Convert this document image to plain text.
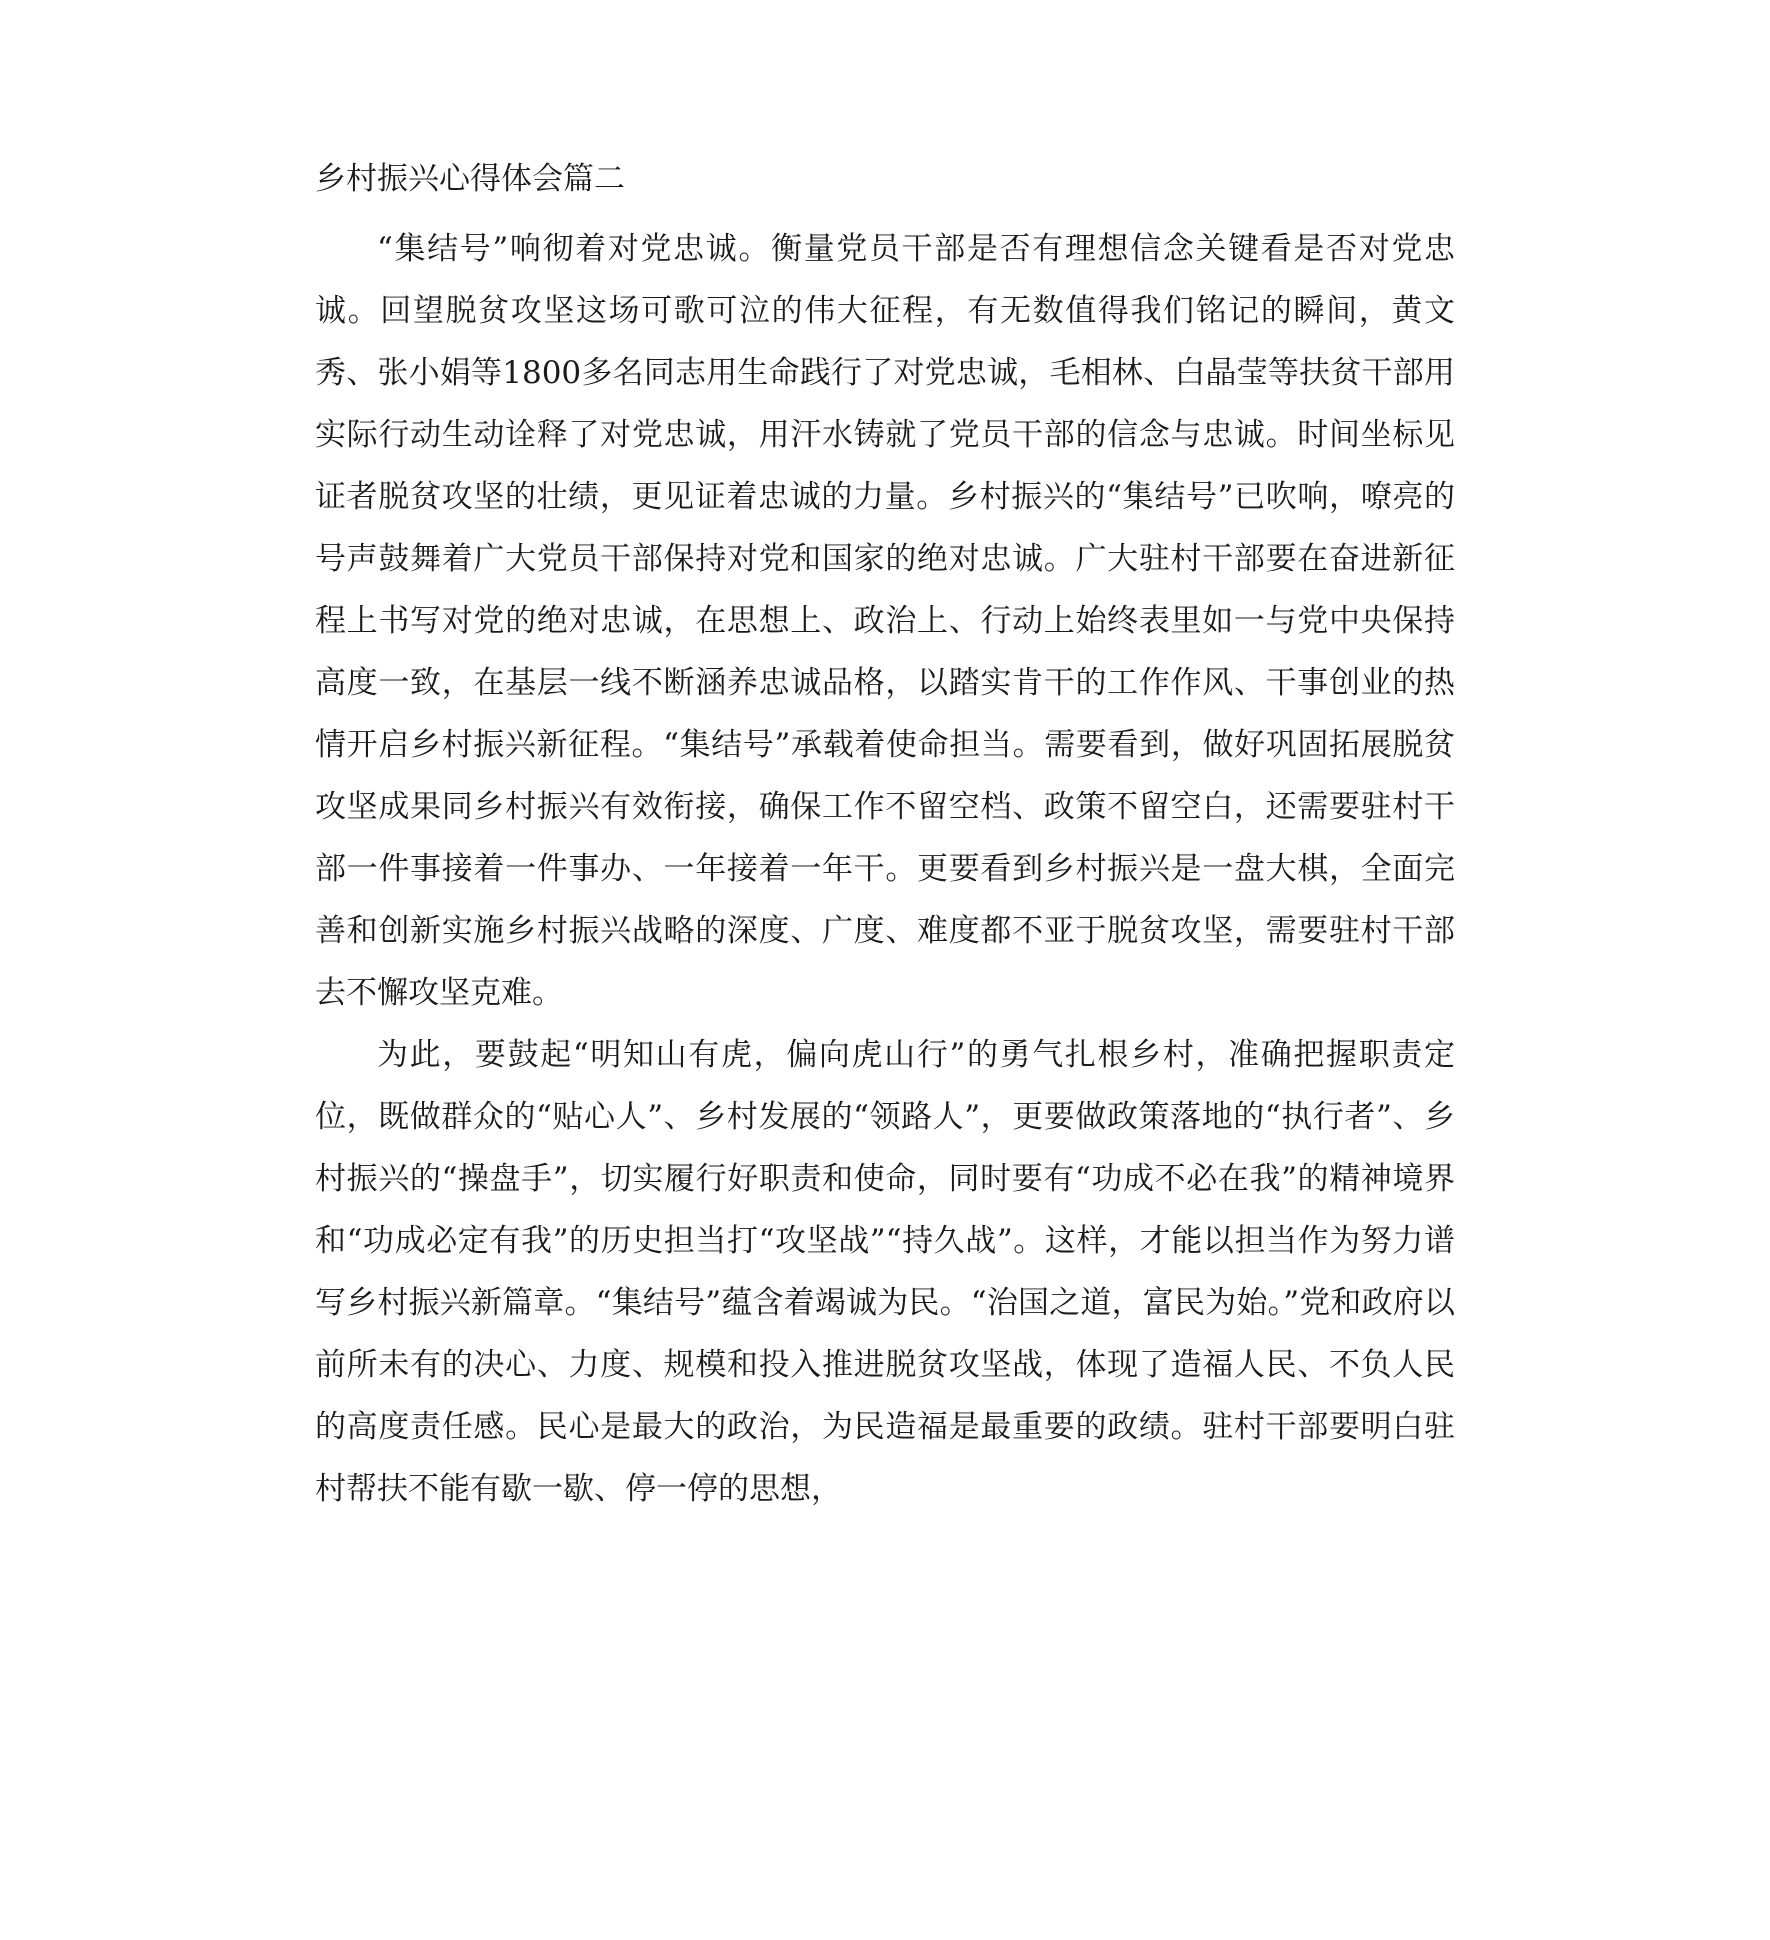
乡村振兴心得体会篇二

“集结号”响彻着对党忠诚。衡量党员干部是否有理想信念关键看是否对党忠诚。回望脱贫攻坚这场可歌可泣的伟大征程，有无数值得我们铭记的瞬间，黄文秀、张小娟等1800多名同志用生命践行了对党忠诚，毛相林、白晶莹等扶贫干部用实际行动生动诠释了对党忠诚，用汗水铸就了党员干部的信念与忠诚。时间坐标见证者脱贫攻坚的壮绩，更见证着忠诚的力量。乡村振兴的“集结号”已吹响，嘹亮的号声鼓舞着广大党员干部保持对党和国家的绝对忠诚。广大驻村干部要在奋进新征程上书写对党的绝对忠诚，在思想上、政治上、行动上始终表里如一与党中央保持高度一致，在基层一线不断涵养忠诚品格，以踏实肯干的工作作风、干事创业的热情开启乡村振兴新征程。“集结号”承载着使命担当。需要看到，做好巩固拓展脱贫攻坚成果同乡村振兴有效衔接，确保工作不留空档、政策不留空白，还需要驻村干部一件事接着一件事办、一年接着一年干。更要看到乡村振兴是一盘大棋，全面完善和创新实施乡村振兴战略的深度、广度、难度都不亚于脱贫攻坚，需要驻村干部去不懈攻坚克难。

为此，要鼓起“明知山有虎，偏向虎山行”的勇气扎根乡村，准确把握职责定位，既做群众的“贴心人”、乡村发展的“领路人”，更要做政策落地的“执行者”、乡村振兴的“操盘手”，切实履行好职责和使命，同时要有“功成不必在我”的精神境界和“功成必定有我”的历史担当打“攻坚战”“持久战”。这样，才能以担当作为努力谱写乡村振兴新篇章。“集结号”蕴含着竭诚为民。“治国之道，富民为始。”党和政府以前所未有的决心、力度、规模和投入推进脱贫攻坚战，体现了造福人民、不负人民的高度责任感。民心是最大的政治，为民造福是最重要的政绩。驻村干部要明白驻村帮扶不能有歇一歇、停一停的思想，
